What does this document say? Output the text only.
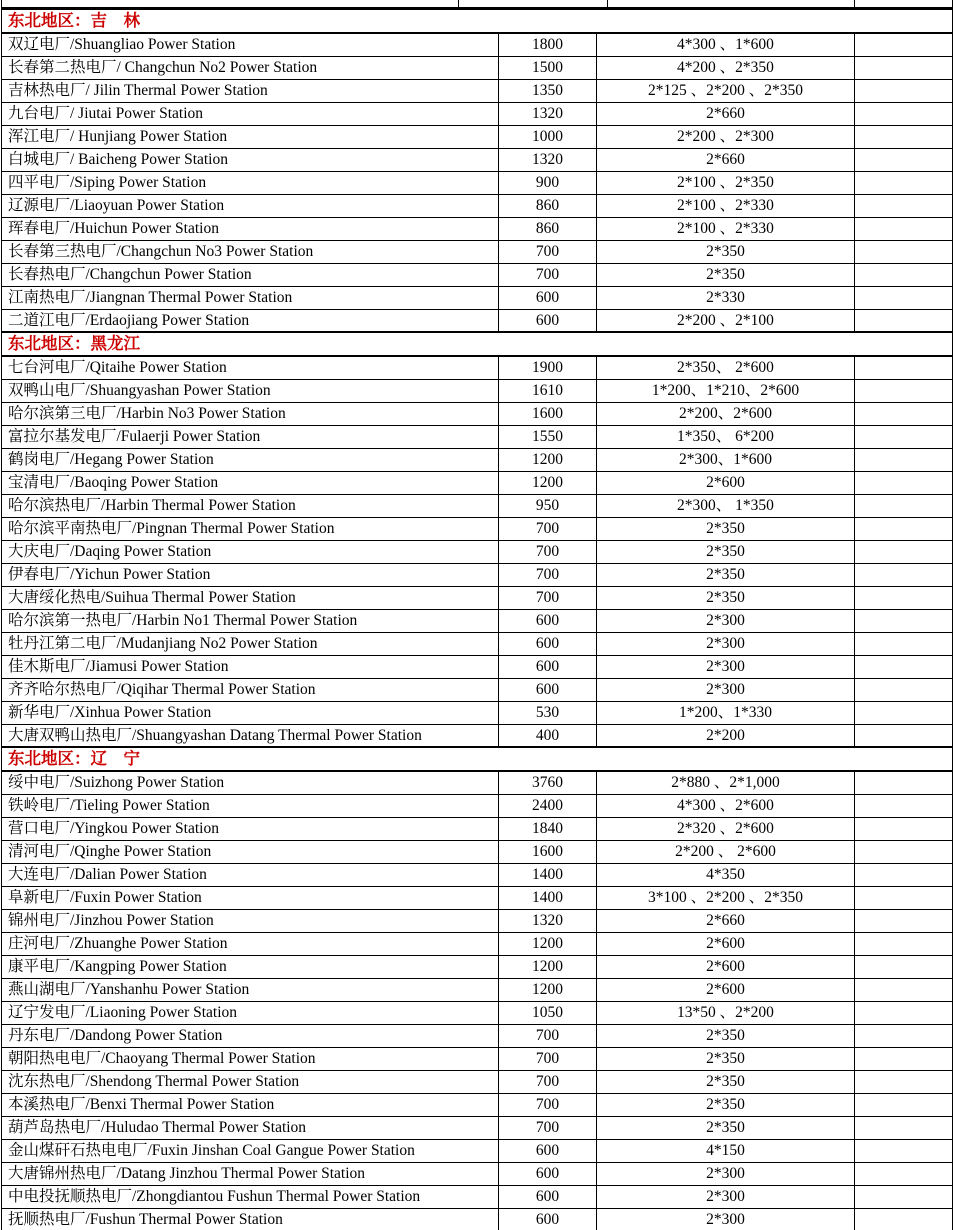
东北地区：吉　林			
双辽电厂/Shuangliao Power Station	1800	4*300 、1*600	
长春第二热电厂/ Changchun No2 Power Station	1500	4*200 、2*350	
吉林热电厂/ Jilin Thermal Power Station	1350	2*125 、2*200 、2*350	
九台电厂/ Jiutai Power Station	1320	2*660	
浑江电厂/ Hunjiang Power Station	1000	2*200 、2*300	
白城电厂/ Baicheng Power Station	1320	2*660	
四平电厂/Siping Power Station	900	2*100 、2*350	
辽源电厂/Liaoyuan Power Station	860	2*100 、2*330	
珲春电厂/Huichun Power Station	860	2*100 、2*330	
长春第三热电厂/Changchun No3 Power Station	700	2*350	
长春热电厂/Changchun Power Station	700	2*350	
江南热电厂/Jiangnan Thermal Power Station	600	2*330	
二道江电厂/Erdaojiang Power Station	600	2*200 、2*100	
东北地区：黑龙江			
七台河电厂/Qitaihe Power Station	1900	2*350、 2*600	
双鸭山电厂/Shuangyashan Power Station	1610	1*200、1*210、2*600	
哈尔滨第三电厂/Harbin No3 Power Station	1600	2*200、2*600	
富拉尔基发电厂/Fulaerji Power Station	1550	1*350、 6*200	
鹤岗电厂/Hegang Power Station	1200	2*300、1*600	
宝清电厂/Baoqing Power Station	1200	2*600	
哈尔滨热电厂/Harbin Thermal Power Station	950	2*300、 1*350	
哈尔滨平南热电厂/Pingnan Thermal Power Station	700	2*350	
大庆电厂/Daqing Power Station	700	2*350	
伊春电厂/Yichun Power Station	700	2*350	
大唐绥化热电/Suihua Thermal Power Station	700	2*350	
哈尔滨第一热电厂/Harbin No1 Thermal Power Station	600	2*300	
牡丹江第二电厂/Mudanjiang No2 Power Station	600	2*300	
佳木斯电厂/Jiamusi Power Station	600	2*300	
齐齐哈尔热电厂/Qiqihar Thermal Power Station	600	2*300	
新华电厂/Xinhua Power Station	530	1*200、1*330	
大唐双鸭山热电厂/Shuangyashan Datang Thermal Power Station	400	2*200	
东北地区：辽　宁			
绥中电厂/Suizhong Power Station	3760	2*880 、2*1,000	
铁岭电厂/Tieling Power Station	2400	4*300 、2*600	
营口电厂/Yingkou Power Station	1840	2*320 、2*600	
清河电厂/Qinghe Power Station	1600	2*200 、 2*600	
大连电厂/Dalian Power Station	1400	4*350	
阜新电厂/Fuxin Power Station	1400	3*100 、2*200 、2*350	
锦州电厂/Jinzhou Power Station	1320	2*660	
庄河电厂/Zhuanghe Power Station	1200	2*600	
康平电厂/Kangping Power Station	1200	2*600	
燕山湖电厂/Yanshanhu Power Station	1200	2*600	
辽宁发电厂/Liaoning Power Station	1050	13*50 、2*200	
丹东电厂/Dandong Power Station	700	2*350	
朝阳热电电厂/Chaoyang Thermal Power Station	700	2*350	
沈东热电厂/Shendong Thermal Power Station	700	2*350	
本溪热电厂/Benxi Thermal Power Station	700	2*350	
葫芦岛热电厂/Huludao Thermal Power Station	700	2*350	
金山煤矸石热电电厂/Fuxin Jinshan Coal Gangue Power Station	600	4*150	
大唐锦州热电厂/Datang Jinzhou Thermal Power Station	600	2*300	
中电投抚顺热电厂/Zhongdiantou Fushun Thermal Power Station	600	2*300	
抚顺热电厂/Fushun Thermal Power Station	600	2*300	
